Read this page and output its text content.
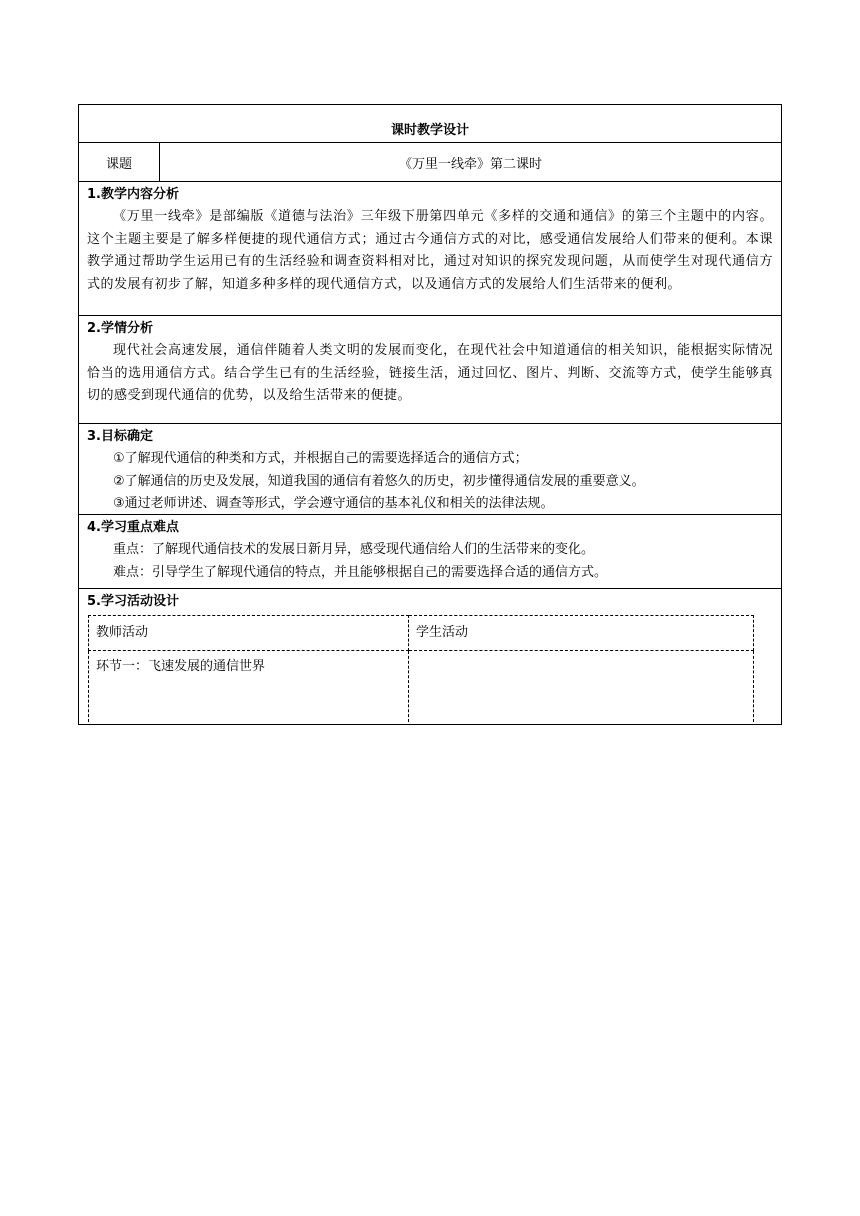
课时教学设计
课题	《万里一线牵》第二课时
1.教学内容分析
《万里一线牵》是部编版《道德与法治》三年级下册第四单元《多样的交通和通信》的第三个主题中的内容。这个主题主要是了解多样便捷的现代通信方式；通过古今通信方式的对比，感受通信发展给人们带来的便利。本课教学通过帮助学生运用已有的生活经验和调查资料相对比，通过对知识的探究发现问题，从而使学生对现代通信方式的发展有初步了解，知道多种多样的现代通信方式，以及通信方式的发展给人们生活带来的便利。
2.学情分析
现代社会高速发展，通信伴随着人类文明的发展而变化，在现代社会中知道通信的相关知识，能根据实际情况恰当的选用通信方式。结合学生已有的生活经验，链接生活，通过回忆、图片、判断、交流等方式，使学生能够真切的感受到现代通信的优势，以及给生活带来的便捷。
3.目标确定
①了解现代通信的种类和方式，并根据自己的需要选择适合的通信方式；
②了解通信的历史及发展，知道我国的通信有着悠久的历史，初步懂得通信发展的重要意义。
③通过老师讲述、调查等形式，学会遵守通信的基本礼仪和相关的法律法规。
4.学习重点难点
重点：了解现代通信技术的发展日新月异，感受现代通信给人们的生活带来的变化。
难点：引导学生了解现代通信的特点，并且能够根据自己的需要选择合适的通信方式。
5.学习活动设计
教师活动	学生活动
环节一：飞速发展的通信世界	
